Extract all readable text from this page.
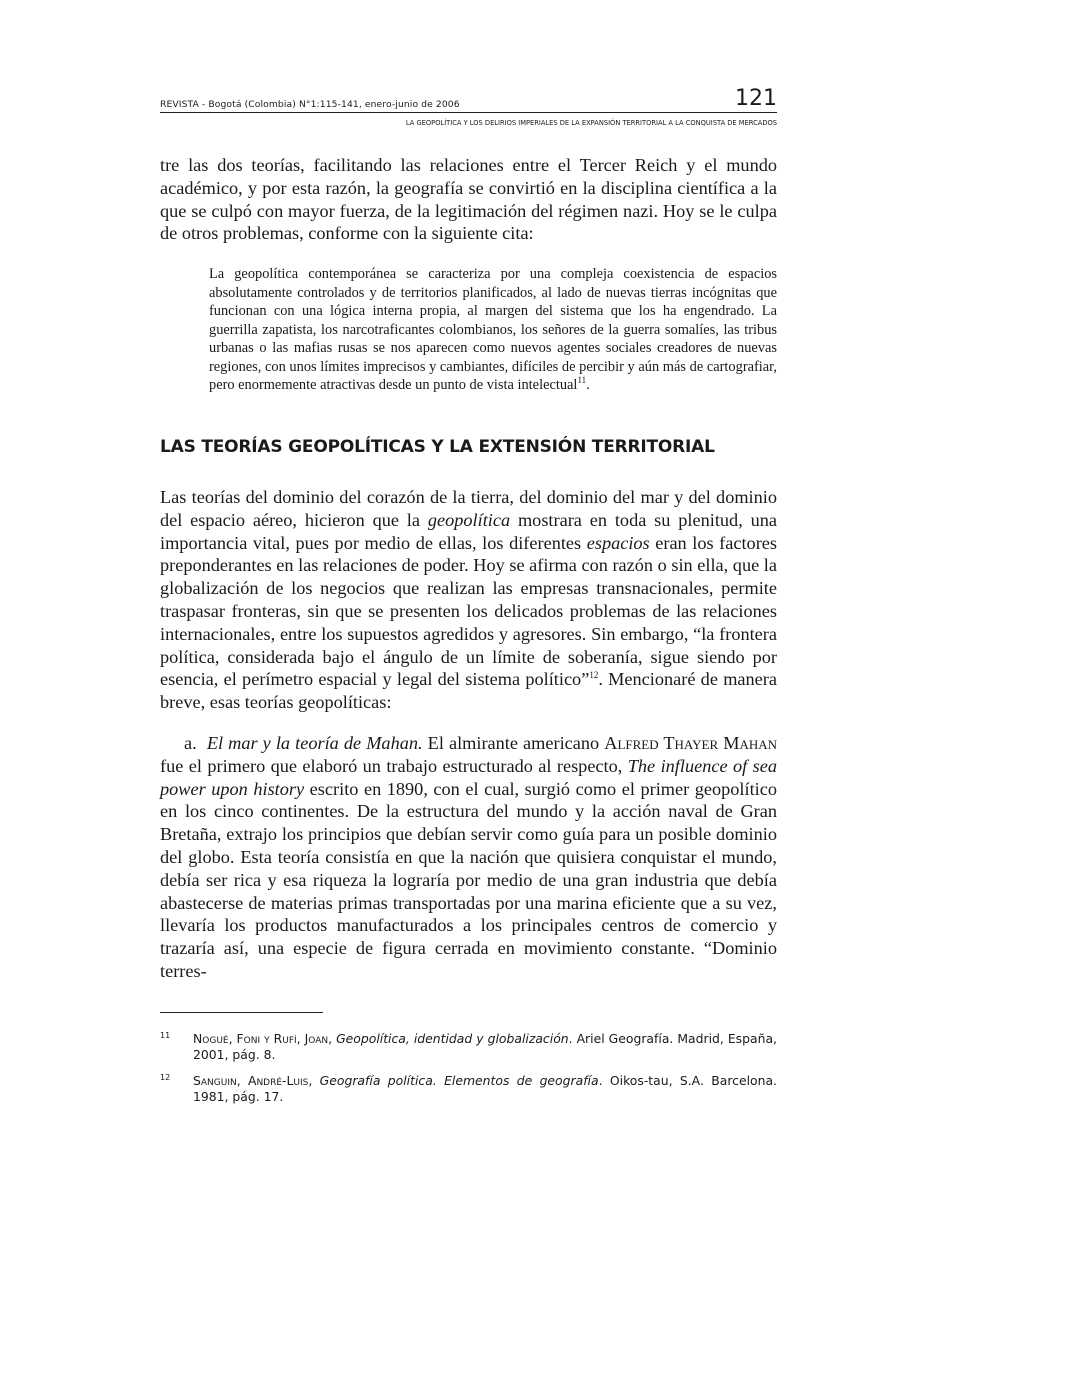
REVISTA - Bogotá (Colombia) N°1:115-141, enero-junio de 2006	121
LA GEOPOLÍTICA Y LOS DELIRIOS IMPERIALES DE LA EXPANSIÓN TERRITORIAL A LA CONQUISTA DE MERCADOS

tre las dos teorías, facilitando las relaciones entre el Tercer Reich y el mundo académico, y por esta razón, la geografía se convirtió en la disciplina científica a la que se culpó con mayor fuerza, de la legitimación del régimen nazi. Hoy se le culpa de otros problemas, conforme con la siguiente cita:

La geopolítica contemporánea se caracteriza por una compleja coexistencia de espacios absolutamente controlados y de territorios planificados, al lado de nuevas tierras incógnitas que funcionan con una lógica interna propia, al margen del sistema que los ha engendrado. La guerrilla zapatista, los narcotraficantes colombianos, los señores de la guerra somalíes, las tribus urbanas o las mafias rusas se nos aparecen como nuevos agentes sociales creadores de nuevas regiones, con unos límites imprecisos y cambiantes, difíciles de percibir y aún más de cartografiar, pero enormemente atractivas desde un punto de vista intelectual$^{11}$.

LAS TEORÍAS GEOPOLÍTICAS Y LA EXTENSIÓN TERRITORIAL

Las teorías del dominio del corazón de la tierra, del dominio del mar y del dominio del espacio aéreo, hicieron que la geopolítica mostrara en toda su plenitud, una importancia vital, pues por medio de ellas, los diferentes espacios eran los factores preponderantes en las relaciones de poder. Hoy se afirma con razón o sin ella, que la globalización de los negocios que realizan las empresas transnacionales, permite traspasar fronteras, sin que se presenten los delicados problemas de las relaciones internacionales, entre los supuestos agredidos y agresores. Sin embargo, “la frontera política, considerada bajo el ángulo de un límite de soberanía, sigue siendo por esencia, el perímetro espacial y legal del sistema político”$^{12}$. Mencionaré de manera breve, esas teorías geopolíticas:

a. El mar y la teoría de Mahan. El almirante americano Alfred Thayer Mahan fue el primero que elaboró un trabajo estructurado al respecto, The influence of sea power upon history escrito en 1890, con el cual, surgió como el primer geopolítico en los cinco continentes. De la estructura del mundo y la acción naval de Gran Bretaña, extrajo los principios que debían servir como guía para un posible dominio del globo. Esta teoría consistía en que la nación que quisiera conquistar el mundo, debía ser rica y esa riqueza la lograría por medio de una gran industria que debía abastecerse de materias primas transportadas por una marina eficiente que a su vez, llevaría los productos manufacturados a los principales centros de comercio y trazaría así, una especie de figura cerrada en movimiento constante. “Dominio terres-

11 Nogué, Foni y Rufí, Joan, Geopolítica, identidad y globalización. Ariel Geografía. Madrid, España, 2001, pág. 8.
12 Sanguin, André-Luis, Geografía política. Elementos de geografía. Oikos-tau, S.A. Barcelona. 1981, pág. 17.
